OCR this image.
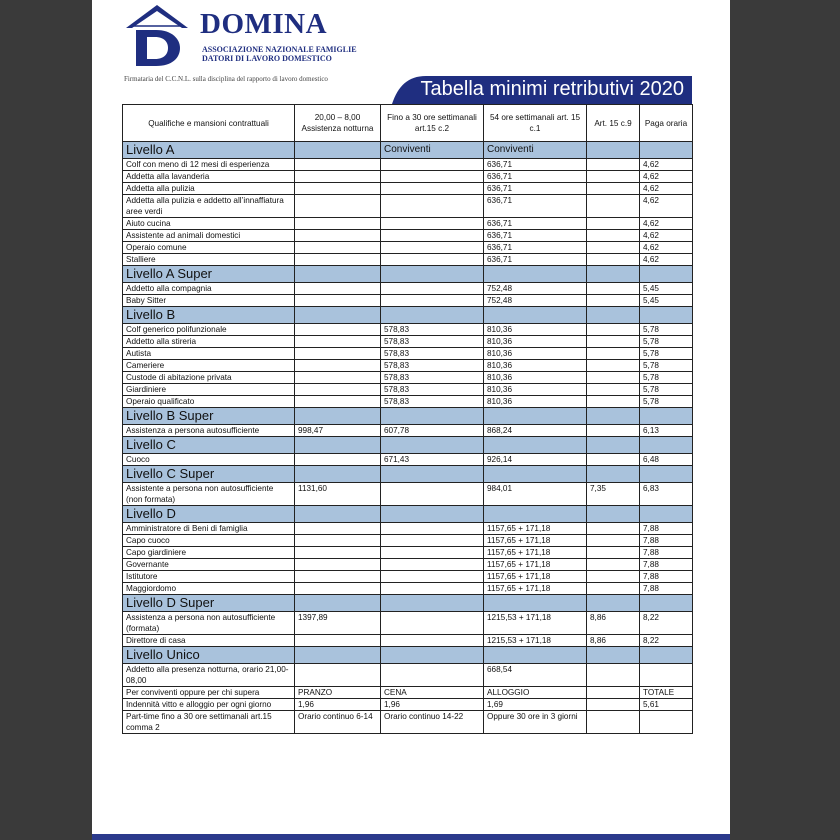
DOMINA
ASSOCIAZIONE NAZIONALE FAMIGLIE
DATORI DI LAVORO DOMESTICO
Firmataria del C.C.N.L. sulla disciplina del rapporto di lavoro domestico	Tabella minimi retributivi 2020
Qualifiche e mansioni contrattuali	20,00 – 8,00 Assistenza notturna	Fino a 30 ore settimanali art.15 c.2	54 ore settimanali art. 15 c.1	Art. 15 c.9	Paga oraria
Livello A		Conviventi	Conviventi		
Colf con meno di 12 mesi di esperienza			636,71		4,62
Addetta alla lavanderia			636,71		4,62
Addetta alla pulizia			636,71		4,62
Addetta alla pulizia e addetto all’innaffiatura aree verdi			636,71		4,62
Aiuto cucina			636,71		4,62
Assistente ad animali domestici			636,71		4,62
Operaio comune			636,71		4,62
Stalliere			636,71		4,62
Livello A Super					
Addetto alla compagnia			752,48		5,45
Baby Sitter			752,48		5,45
Livello B					
Colf generico polifunzionale		578,83	810,36		5,78
Addetto alla stireria		578,83	810,36		5,78
Autista		578,83	810,36		5,78
Cameriere		578,83	810,36		5,78
Custode di abitazione privata		578,83	810,36		5,78
Giardiniere		578,83	810,36		5,78
Operaio qualificato		578,83	810,36		5,78
Livello B Super					
Assistenza a persona autosufficiente	998,47	607,78	868,24		6,13
Livello C					
Cuoco		671,43	926,14		6,48
Livello C Super					
Assistente a persona non autosufficiente (non formata)	1131,60		984,01	7,35	6,83
Livello D					
Amministratore di Beni di famiglia			1157,65 + 171,18		7,88
Capo cuoco			1157,65 + 171,18		7,88
Capo giardiniere			1157,65 + 171,18		7,88
Governante			1157,65 + 171,18		7,88
Istitutore			1157,65 + 171,18		7,88
Maggiordomo			1157,65 + 171,18		7,88
Livello D Super					
Assistenza a persona non autosufficiente (formata)	1397,89		1215,53 + 171,18	8,86	8,22
Direttore di casa			1215,53 + 171,18	8,86	8,22
Livello Unico					
Addetto alla presenza notturna, orario 21,00-08,00			668,54		
Per conviventi oppure per chi supera	PRANZO	CENA	ALLOGGIO		TOTALE
Indennità vitto e alloggio per ogni giorno	1,96	1,96	1,69		5,61
Part-time fino a 30 ore settimanali art.15 comma 2	Orario continuo 6-14	Orario continuo 14-22	Oppure 30 ore in 3 giorni		
